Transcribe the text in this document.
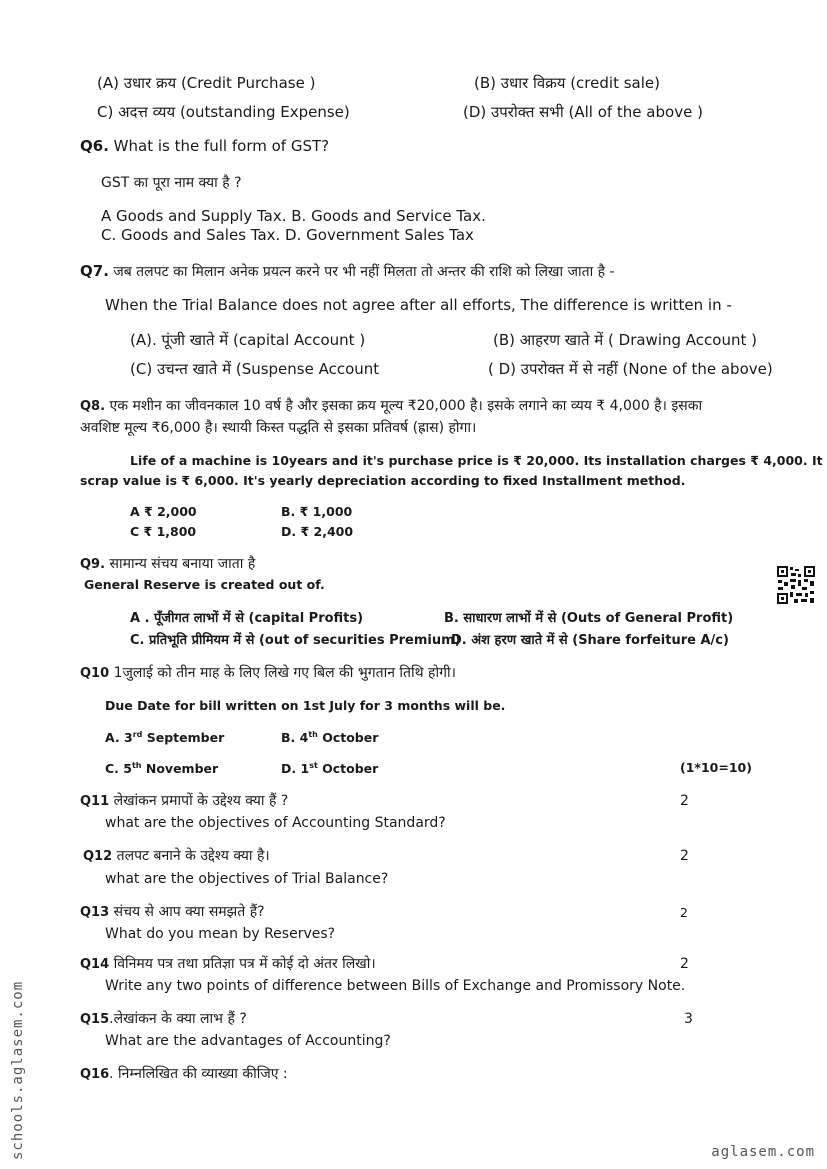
(A) उधार क्रय (Credit Purchase )	(B) उधार विक्रय (credit sale)
C) अदत्त व्यय (outstanding Expense)	(D) उपरोक्त सभी (All of the above )
Q6. What is the full form of GST?
GST का पूरा नाम क्या है ?
A Goods and Supply Tax. B. Goods and Service Tax.
C. Goods and Sales Tax. D. Government Sales Tax
Q7. जब तलपट का मिलान अनेक प्रयत्न करने पर भी नहीं मिलता तो अन्तर की राशि को लिखा जाता है -
When the Trial Balance does not agree after all efforts, The difference is written in -
(A). पूंजी खाते में (capital Account )	(B) आहरण खाते में ( Drawing Account )
(C) उचन्त खाते में (Suspense Account	( D) उपरोक्त में से नहीं (None of the above)
Q8. एक मशीन का जीवनकाल 10 वर्ष है और इसका क्रय मूल्य ₹20,000 है। इसके लगाने का व्यय ₹ 4,000 है। इसका
अवशिष्ट मूल्य ₹6,000 है। स्थायी किस्त पद्धति से इसका प्रतिवर्ष (ह्रास) होगा।
Life of a machine is 10years and it's purchase price is ₹ 20,000. Its installation charges ₹ 4,000. It
scrap value is ₹ 6,000. It's yearly depreciation according to fixed Installment method.
A ₹ 2,000	B. ₹ 1,000
C ₹ 1,800	D. ₹ 2,400
Q9. सामान्य संचय बनाया जाता है
General Reserve is created out of.
A . पूँजीगत लाभों में से (capital Profits)	B. साधारण लाभों में से (Outs of General Profit)
C. प्रतिभूति प्रीमियम में से (out of securities Premium)
D. अंश हरण खाते में से (Share forfeiture A/c)
Q10 1जुलाई को तीन माह के लिए लिखे गए बिल की भुगतान तिथि होगी।
Due Date for bill written on 1st July for 3 months will be.
A. 3rd September	B. 4th October
C. 5th November	D. 1st October	(1*10=10)
Q11 लेखांकन प्रमापों के उद्देश्य क्या हैं ?	2
what are the objectives of Accounting Standard?
Q12 तलपट बनाने के उद्देश्य क्या है।	2
what are the objectives of Trial Balance?
Q13 संचय से आप क्या समझते हैं?	2
What do you mean by Reserves?
Q14 विनिमय पत्र तथा प्रतिज्ञा पत्र में कोई दो अंतर लिखो।	2
Write any two points of difference between Bills of Exchange and Promissory Note.
Q15.लेखांकन के क्या लाभ हैं ?	3
What are the advantages of Accounting?
Q16. निम्नलिखित की व्याख्या कीजिए :
schools.aglasem.com	aglasem.com
